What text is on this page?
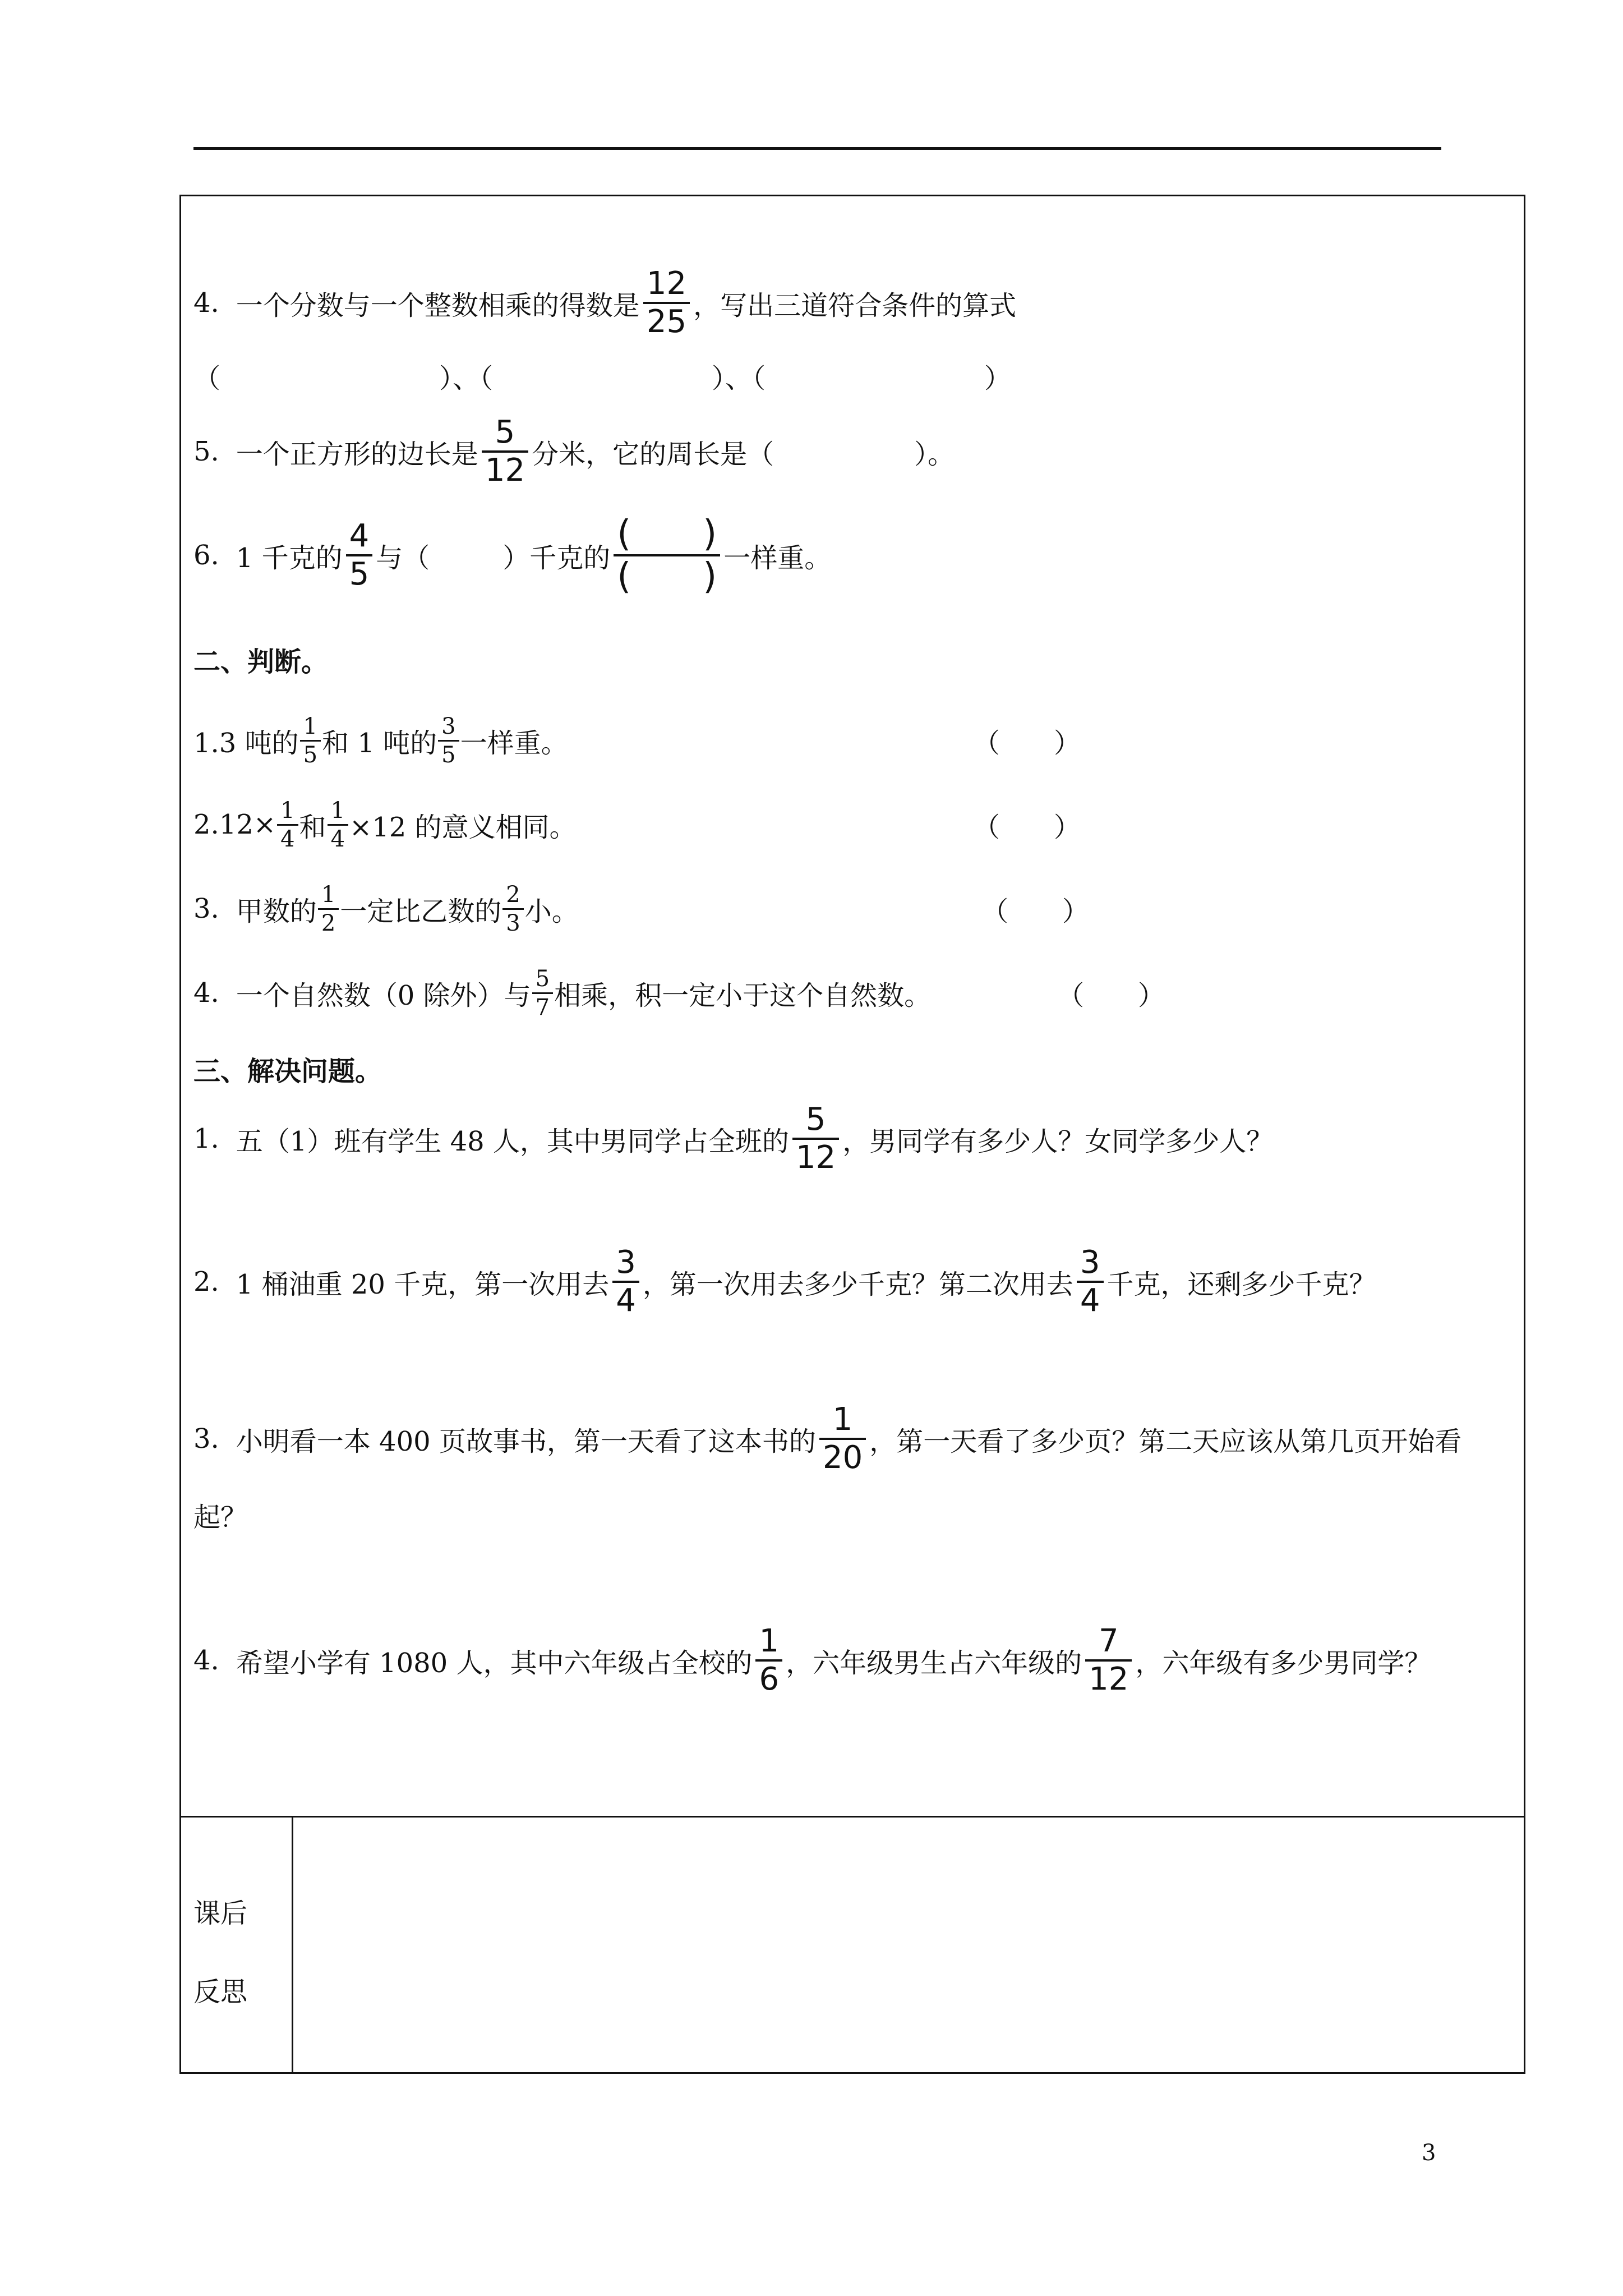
4. 一个分数与一个整数相乘的得数是 $\frac{12}{25}$ ，写出三道符合条件的算式
（	）、（	）、（	）
5. 一个正方形的边长是 $\frac{5}{12}$ 分米，它的周长是（	）。
6. 1 千克的 $\frac{4}{5}$ 与（	）千克的 $\frac{( )}{( )}$ 一样重。
二、判断。
1.3 吨的 $\frac{1}{5}$ 和 1 吨的 $\frac{3}{5}$ 一样重。	（　　）
$2.12\times \frac{1}{4}$ 和 $\frac{1}{4} \times 12$ 的意义相同。	（　　）
3. 甲数的 $\frac{1}{2}$ 一定比乙数的 $\frac{2}{3}$ 小。	（　　）
4. 一个自然数（0 除外）与 $\frac{5}{7}$ 相乘，积一定小于这个自然数。	（　　）
三、解决问题。
1. 五（1）班有学生 48 人，其中男同学占全班的 $\frac{5}{12}$ ，男同学有多少人？女同学多少人？
2. 1 桶油重 20 千克，第一次用去 $\frac{3}{4}$ ，第一次用去多少千克？第二次用去 $\frac{3}{4}$ 千克，还剩多少千克？
3. 小明看一本 400 页故事书，第一天看了这本书的 $\frac{1}{20}$ ，第一天看了多少页？第二天应该从第几页开始看
起？
4. 希望小学有 1080 人，其中六年级占全校的 $\frac{1}{6}$ ，六年级男生占六年级的 $\frac{7}{12}$ ，六年级有多少男同学？
课后
反思
3
